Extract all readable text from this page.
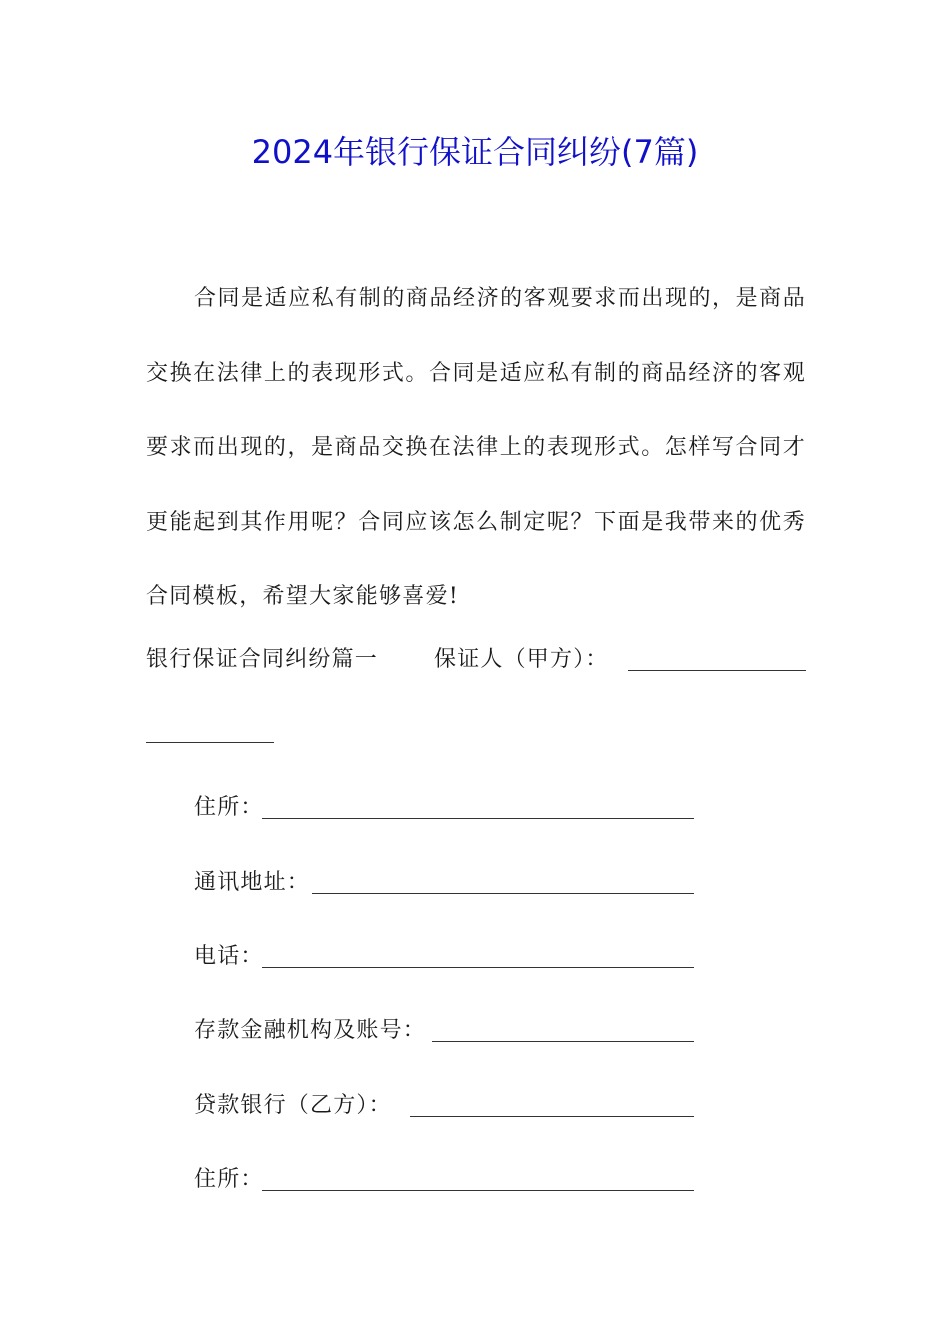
2024年银行保证合同纠纷(7篇)

合同是适应私有制的商品经济的客观要求而出现的，是商品交换在法律上的表现形式。合同是适应私有制的商品经济的客观要求而出现的，是商品交换在法律上的表现形式。怎样写合同才更能起到其作用呢？合同应该怎么制定呢？下面是我带来的优秀合同模板，希望大家能够喜爱!

银行保证合同纠纷篇一	保证人（甲方）：
住所：
通讯地址：
电话：
存款金融机构及账号：
贷款银行（乙方）：
住所：
